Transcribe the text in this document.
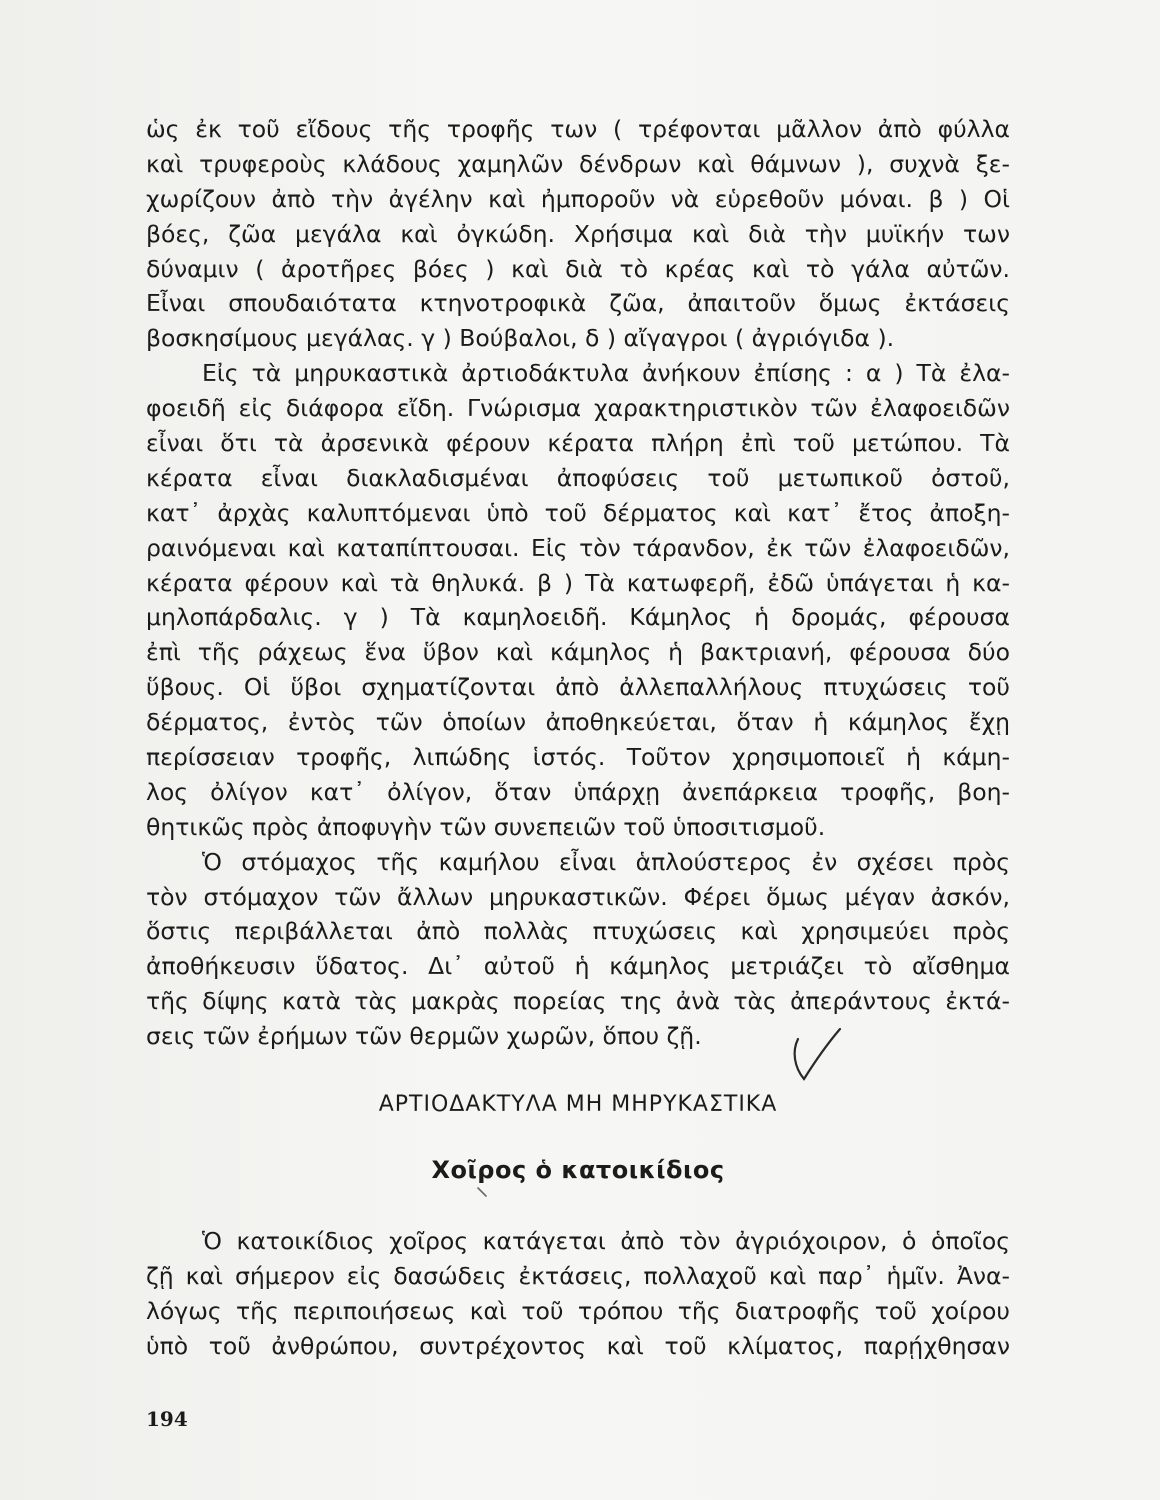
ὡς ἐκ τοῦ εἴδους τῆς τροφῆς των ( τρέφονται μᾶλλον ἀπὸ φύλλα
καὶ τρυφεροὺς κλάδους χαμηλῶν δένδρων καὶ θάμνων ), συχνὰ ξε-
χωρίζουν ἀπὸ τὴν ἀγέλην καὶ ἠμποροῦν νὰ εὑρεθοῦν μόναι. β ) Οἱ
βόες, ζῶα μεγάλα καὶ ὀγκώδη. Χρήσιμα καὶ διὰ τὴν μυϊκήν των
δύναμιν ( ἀροτῆρες βόες ) καὶ διὰ τὸ κρέας καὶ τὸ γάλα αὐτῶν.
Εἶναι σπουδαιότατα κτηνοτροφικὰ ζῶα, ἀπαιτοῦν ὅμως ἐκτάσεις
βοσκησίμους μεγάλας. γ ) Βούβαλοι, δ ) αἴγαγροι ( ἀγριόγιδα ).
Εἰς τὰ μηρυκαστικὰ ἀρτιοδάκτυλα ἀνήκουν ἐπίσης : α ) Τὰ ἐλα-
φοειδῆ εἰς διάφορα εἴδη. Γνώρισμα χαρακτηριστικὸν τῶν ἐλαφοειδῶν
εἶναι ὅτι τὰ ἀρσενικὰ φέρουν κέρατα πλήρη ἐπὶ τοῦ μετώπου. Τὰ
κέρατα εἶναι διακλαδισμέναι ἀποφύσεις τοῦ μετωπικοῦ ὀστοῦ,
κατ᾽ ἀρχὰς καλυπτόμεναι ὑπὸ τοῦ δέρματος καὶ κατ᾽ ἔτος ἀποξη-
ραινόμεναι καὶ καταπίπτουσαι. Εἰς τὸν τάρανδον, ἐκ τῶν ἐλαφοειδῶν,
κέρατα φέρουν καὶ τὰ θηλυκά. β ) Τὰ κατωφερῆ, ἐδῶ ὑπάγεται ἡ κα-
μηλοπάρδαλις. γ ) Τὰ καμηλοειδῆ. Κάμηλος ἡ δρομάς, φέρουσα
ἐπὶ τῆς ράχεως ἕνα ὕβον καὶ κάμηλος ἡ βακτριανή, φέρουσα δύο
ὕβους. Οἱ ὕβοι σχηματίζονται ἀπὸ ἀλλεπαλλήλους πτυχώσεις τοῦ
δέρματος, ἐντὸς τῶν ὁποίων ἀποθηκεύεται, ὅταν ἡ κάμηλος ἔχῃ
περίσσειαν τροφῆς, λιπώδης ἱστός. Τοῦτον χρησιμοποιεῖ ἡ κάμη-
λος ὀλίγον κατ᾽ ὀλίγον, ὅταν ὑπάρχῃ ἀνεπάρκεια τροφῆς, βοη-
θητικῶς πρὸς ἀποφυγὴν τῶν συνεπειῶν τοῦ ὑποσιτισμοῦ.
Ὁ στόμαχος τῆς καμήλου εἶναι ἁπλούστερος ἐν σχέσει πρὸς
τὸν στόμαχον τῶν ἄλλων μηρυκαστικῶν. Φέρει ὅμως μέγαν ἀσκόν,
ὅστις περιβάλλεται ἀπὸ πολλὰς πτυχώσεις καὶ χρησιμεύει πρὸς
ἀποθήκευσιν ὕδατος. Δι᾽ αὐτοῦ ἡ κάμηλος μετριάζει τὸ αἴσθημα
τῆς δίψης κατὰ τὰς μακρὰς πορείας της ἀνὰ τὰς ἀπεράντους ἐκτά-
σεις τῶν ἐρήμων τῶν θερμῶν χωρῶν, ὅπου ζῇ.
ΑΡΤΙΟΔΑΚΤΥΛΑ ΜΗ ΜΗΡΥΚΑΣΤΙΚΑ
Χοῖρος ὁ κατοικίδιος
Ὁ κατοικίδιος χοῖρος κατάγεται ἀπὸ τὸν ἀγριόχοιρον, ὁ ὁποῖος
ζῇ καὶ σήμερον εἰς δασώδεις ἐκτάσεις, πολλαχοῦ καὶ παρ᾽ ἡμῖν. Ἀνα-
λόγως τῆς περιποιήσεως καὶ τοῦ τρόπου τῆς διατροφῆς τοῦ χοίρου
ὑπὸ τοῦ ἀνθρώπου, συντρέχοντος καὶ τοῦ κλίματος, παρῄχθησαν
194
